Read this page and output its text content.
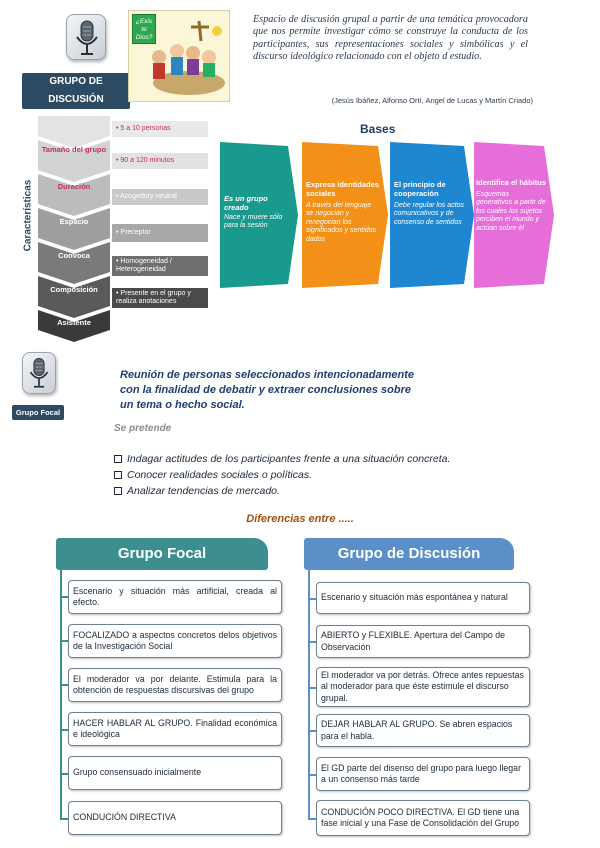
GRUPO DE DISCUSIÓN
¿Exis te Dios?
Espacio de discusión grupal a partir de una temática provocadora que nos permite investigar cómo se construye la conducta de los participantes, sus representaciones sociales y simbólicas y el discurso ideológico relacionado con el objeto d estudio.
(Jesús Ibáñez, Alfonso Ortí, Angel de Lucas y Martín Criado)
Características
Tamaño del grupo
Duración
Espacio
Convoca
Composición
Asistente
• 5 a 10 personas
• 90 a 120 minutos
• Acogedory neutral
• Preceptor
• Homogeneidad / Heterogeneidad
• Presente en el grupo y realiza anotaciones
Bases
Es un grupo creado
Nace y muere sólo para la sesión
Expresa identidades sociales
A través del lenguaje se negocian y renegocian los significados y sentidos dados
El principio de cooperación
Debe regular los actos comunicativos y de consenso de sentidos
Identifica el hábitus
Esquemas generativos a partir de los cuales los sujetos perciben el mundo y actúan sobre él
Grupo Focal
Reunión de personas seleccionados intencionadamente con la finalidad de debatir y extraer conclusiones sobre un tema o hecho social.
Se pretende
Indagar actitudes de los participantes frente a una situación concreta.
Conocer realidades sociales o políticas.
Analizar tendencias de mercado.
Diferencias entre .....
Grupo Focal	Grupo de Discusión
Escenario y situación más artificial, creada al efecto.
FOCALIZADO a aspectos concretos delos objetivos de la Investigación Social
El moderador va por delante. Estimula para la obtención de respuestas discursivas del grupo
HACER HABLAR AL GRUPO. Finalidad económica e ideológica
Grupo consensuado inicialmente
CONDUCIÓN DIRECTIVA
Escenario y situación más espontánea y natural
ABIERTO y FLEXIBLE. Apertura del Campo de Observación
El moderador va por detrás. Ofrece antes repuestas al moderador para que éste estimule el discurso grupal.
DEJAR HABLAR AL GRUPO. Se abren espacios para el habla.
El GD parte del disenso del grupo para luego llegar a un consenso más tarde
CONDUCIÓN POCO DIRECTIVA. El GD tiene una fase inicial y una Fase de Consolidación del Grupo
